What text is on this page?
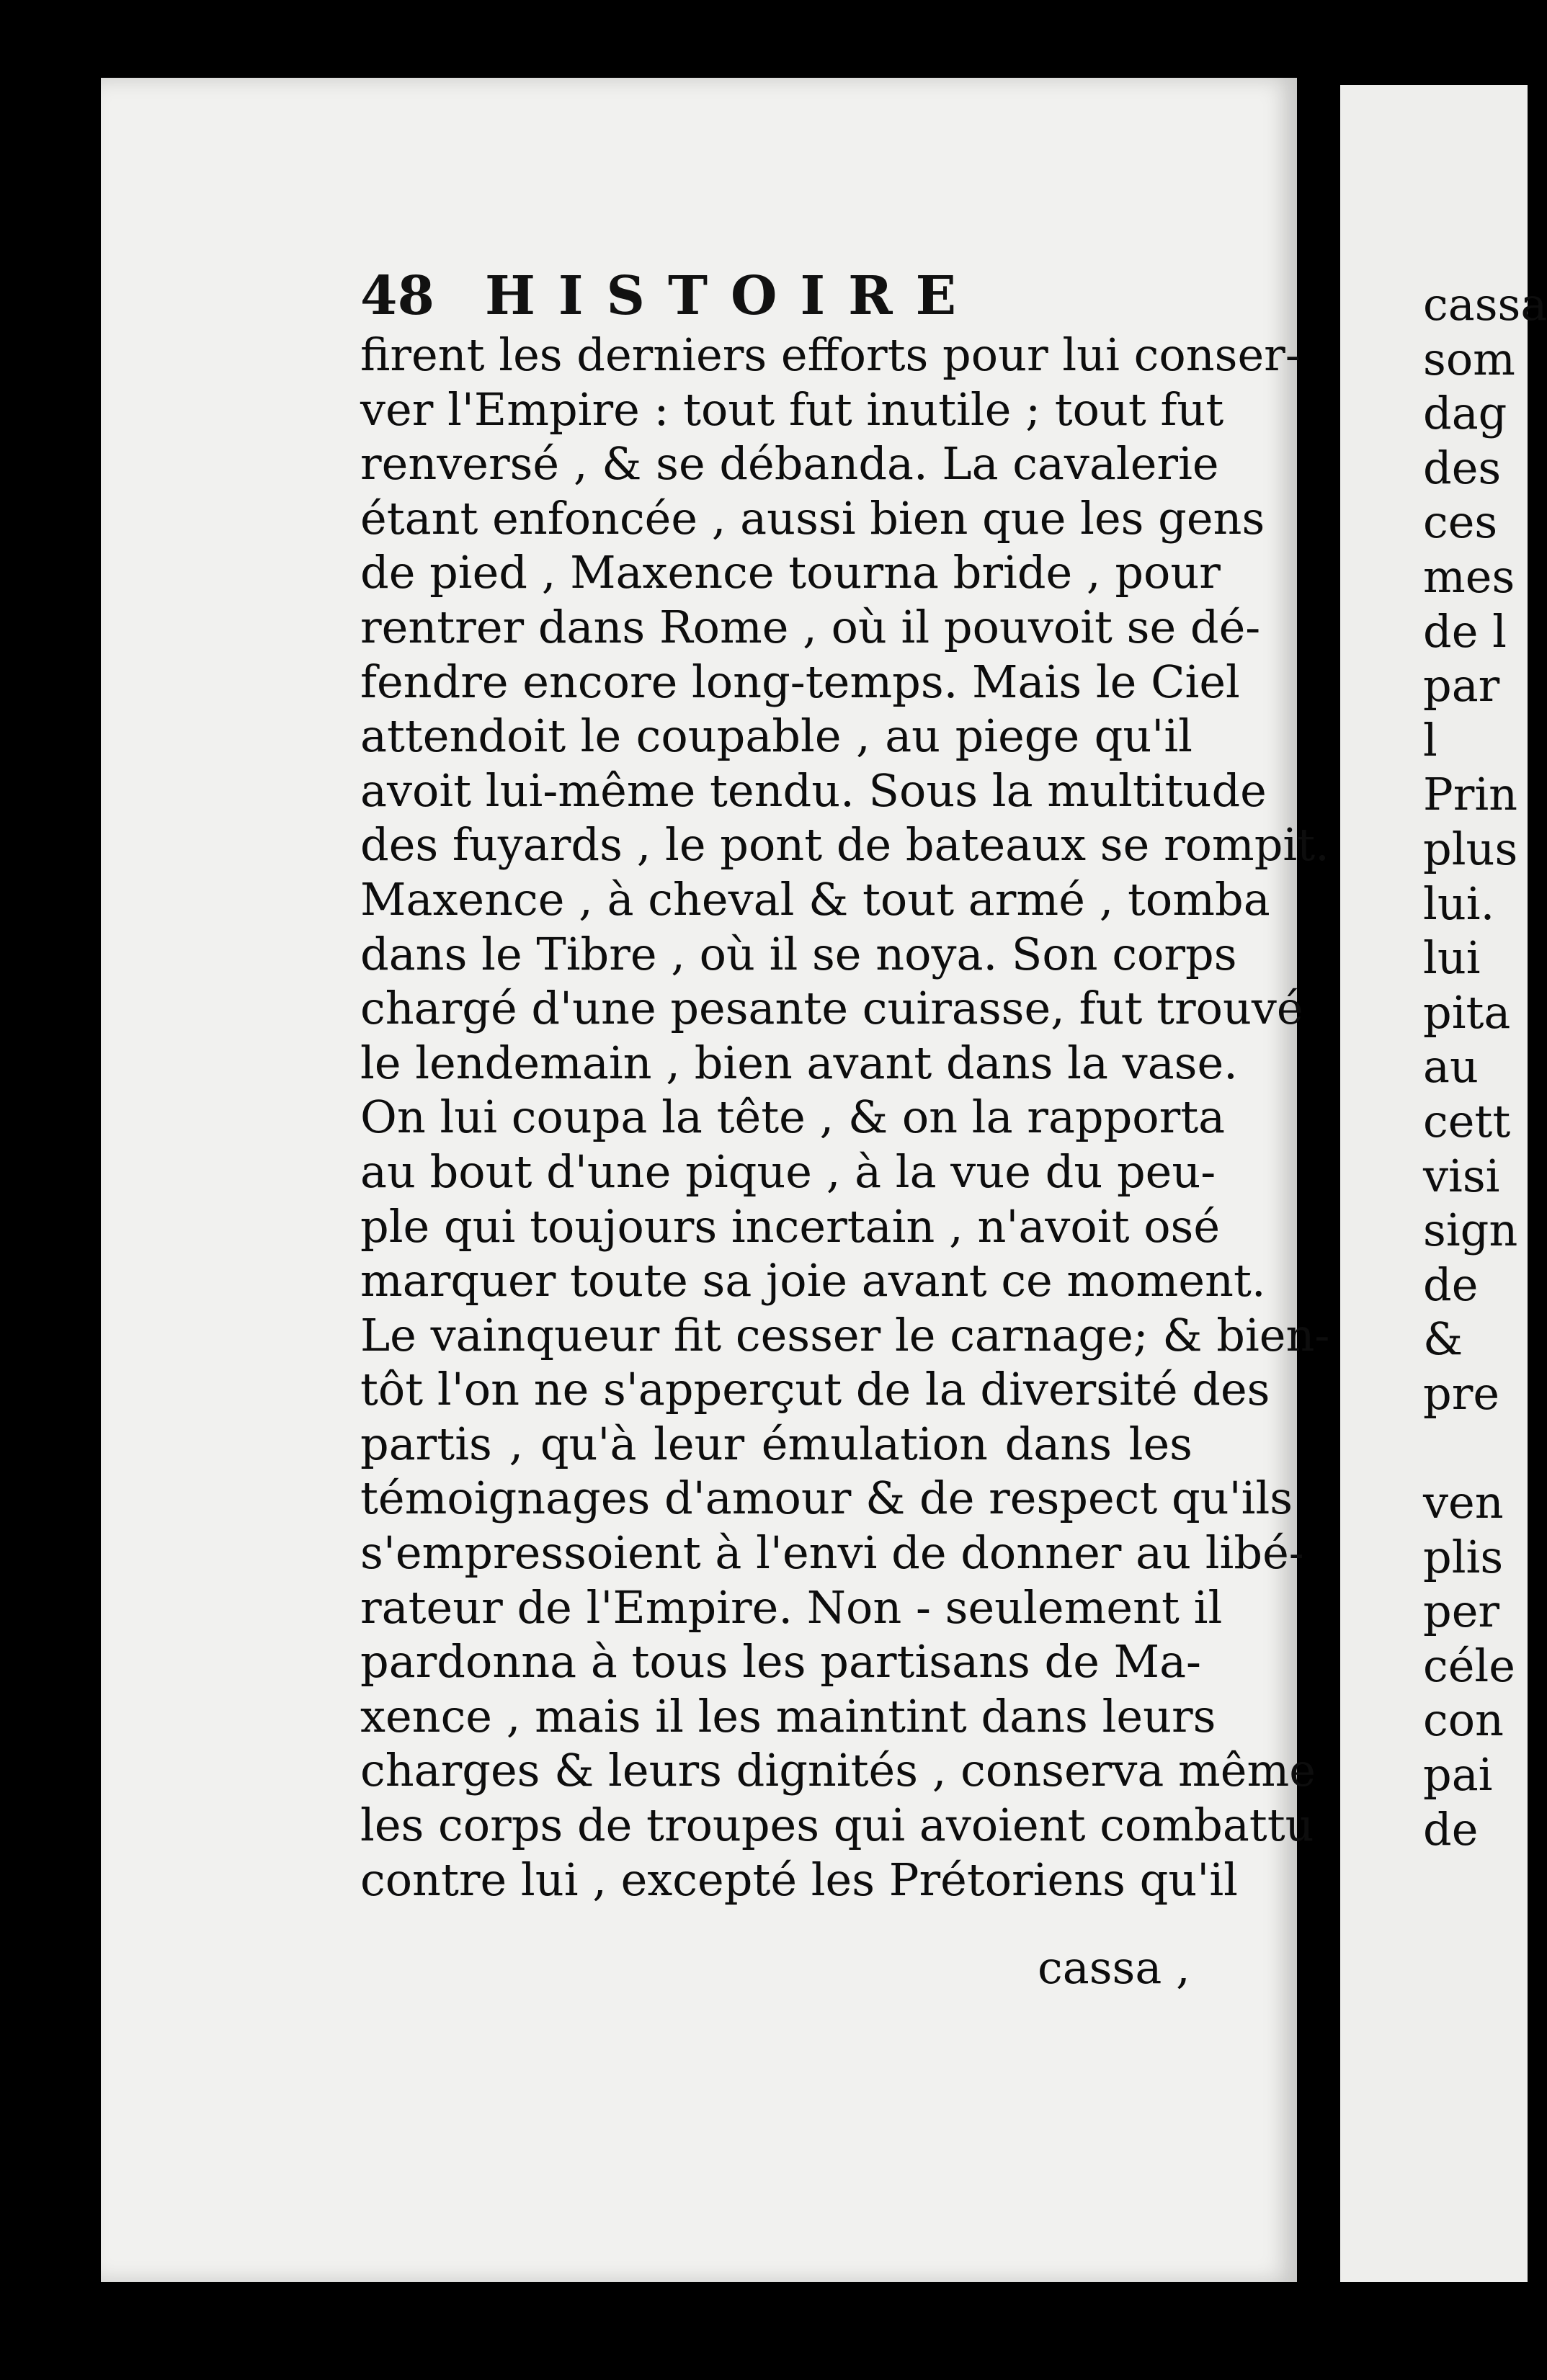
48 HISTOIRE
firent les derniers efforts pour lui conser-
ver l'Empire : tout fut inutile ; tout fut
renversé , & se débanda. La cavalerie
étant enfoncée , aussi bien que les gens
de pied , Maxence tourna bride , pour
rentrer dans Rome , où il pouvoit se dé-
fendre encore long-temps. Mais le Ciel
attendoit le coupable , au piege qu'il
avoit lui-même tendu. Sous la multitude
des fuyards , le pont de bateaux se rompit.
Maxence , à cheval & tout armé , tomba
dans le Tibre , où il se noya. Son corps
chargé d'une pesante cuirasse, fut trouvé
le lendemain , bien avant dans la vase.
On lui coupa la tête , & on la rapporta
au bout d'une pique , à la vue du peu-
ple qui toujours incertain , n'avoit osé
marquer toute sa joie avant ce moment.
Le vainqueur fit cesser le carnage; & bien-
tôt l'on ne s'apperçut de la diversité des
partis , qu'à leur émulation dans les
témoignages d'amour & de respect qu'ils
s'empressoient à l'envi de donner au libé-
rateur de l'Empire. Non - seulement il
pardonna à tous les partisans de Ma-
xence , mais il les maintint dans leurs
charges & leurs dignités , conserva même
les corps de troupes qui avoient combattu
contre lui , excepté les Prétoriens qu'il
cassa ,
cassa
som
dag
des
ces
mes
de l
par
l
Prin
plus
lui.
lui
pita
au
cett
visi
sign
de
&
pre
ven
plis
per
céle
con
pai
de
